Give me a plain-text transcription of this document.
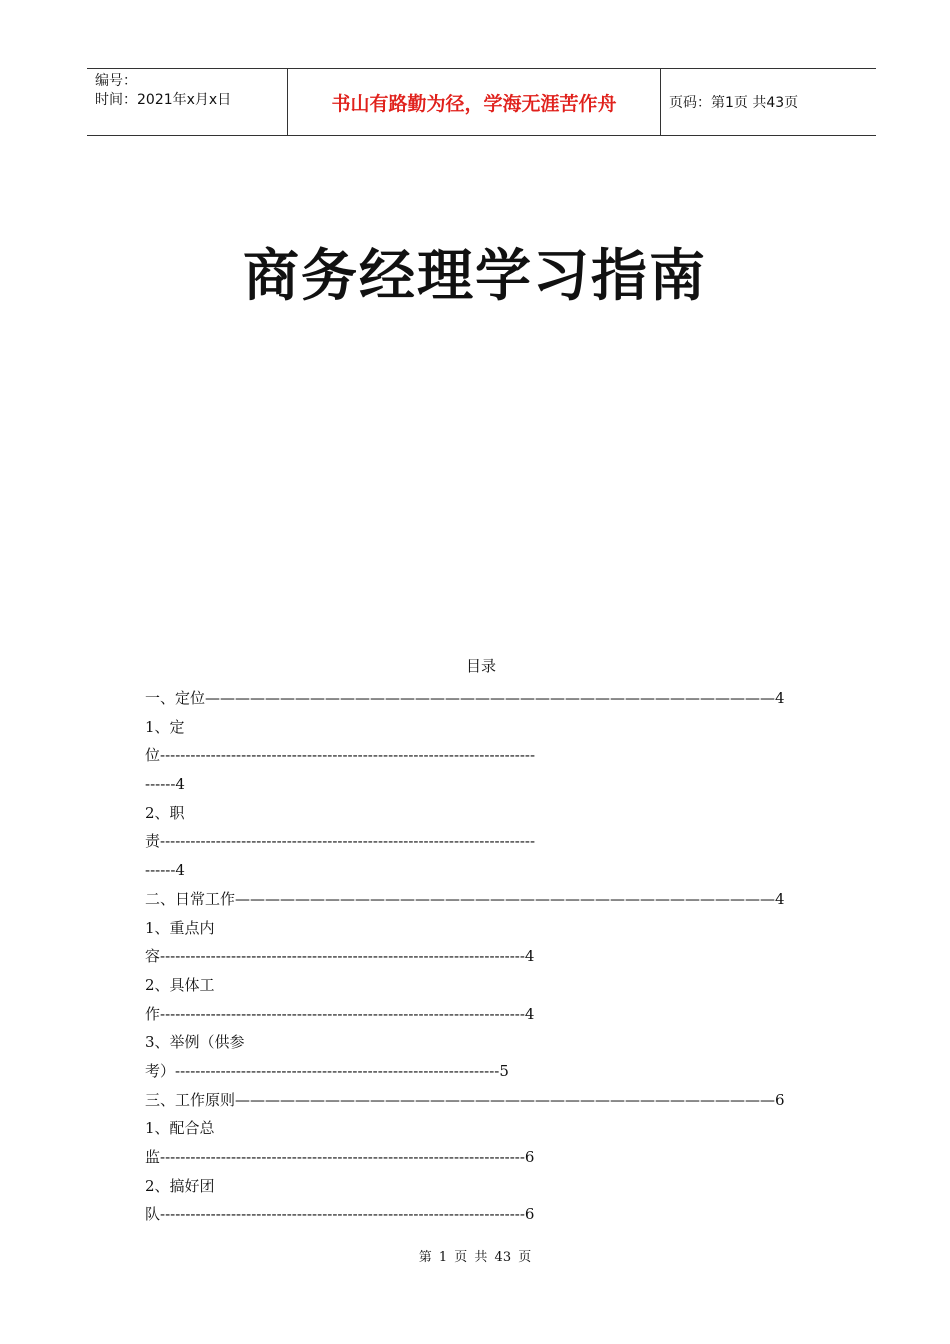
编号：
时间：2021年x月x日	书山有路勤为径，学海无涯苦作舟	页码：第1页 共43页
商务经理学习指南
目录
一、定位——————————————————————————————————————4
1、定
位--------------------------------------------------------------------------
------4
2、职
责--------------------------------------------------------------------------
------4
二、日常工作————————————————————————————————————4
1、重点内
容------------------------------------------------------------------------4
2、具体工
作------------------------------------------------------------------------4
3、举例（供参
考）----------------------------------------------------------------5
三、工作原则————————————————————————————————————6
1、配合总
监------------------------------------------------------------------------6
2、搞好团
队------------------------------------------------------------------------6
第 1 页 共 43 页
